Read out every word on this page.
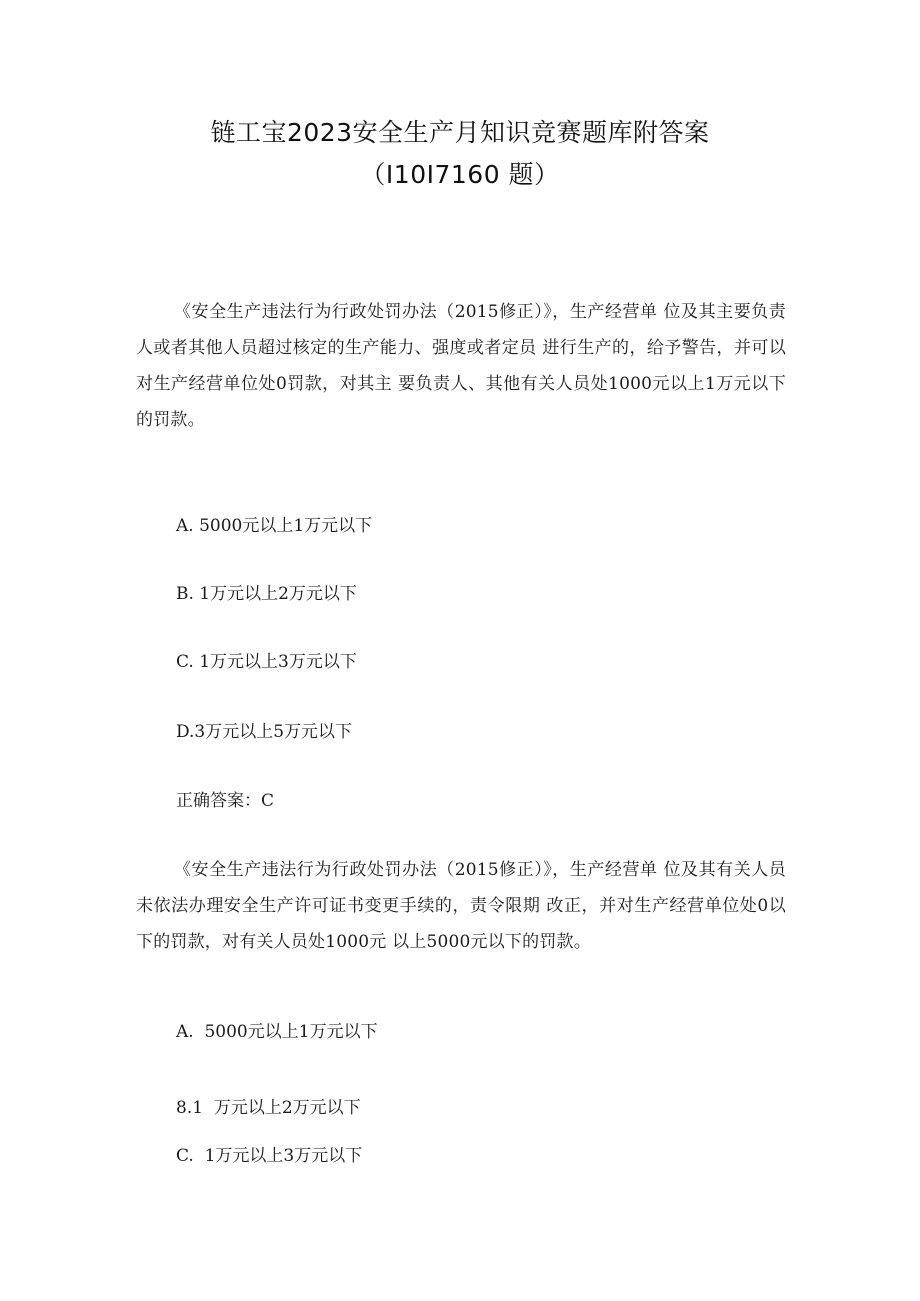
链工宝2023安全生产月知识竞赛题库附答案
（I10I7160 题）
《安全生产违法行为行政处罚办法（2015修正）》，生产经营单 位及其主要负责人或者其他人员超过核定的生产能力、强度或者定员 进行生产的，给予警告，并可以对生产经营单位处0罚款，对其主 要负责人、其他有关人员处1000元以上1万元以下的罚款。
A. 5000元以上1万元以下
B. 1万元以上2万元以下
C. 1万元以上3万元以下
D.3万元以上5万元以下
正确答案：C
《安全生产违法行为行政处罚办法（2015修正）》，生产经营单 位及其有关人员未依法办理安全生产许可证书变更手续的，责令限期 改正，并对生产经营单位处0以下的罚款，对有关人员处1000元 以上5000元以下的罚款。
A.  5000元以上1万元以下
8.1  万元以上2万元以下
C.  1万元以上3万元以下
